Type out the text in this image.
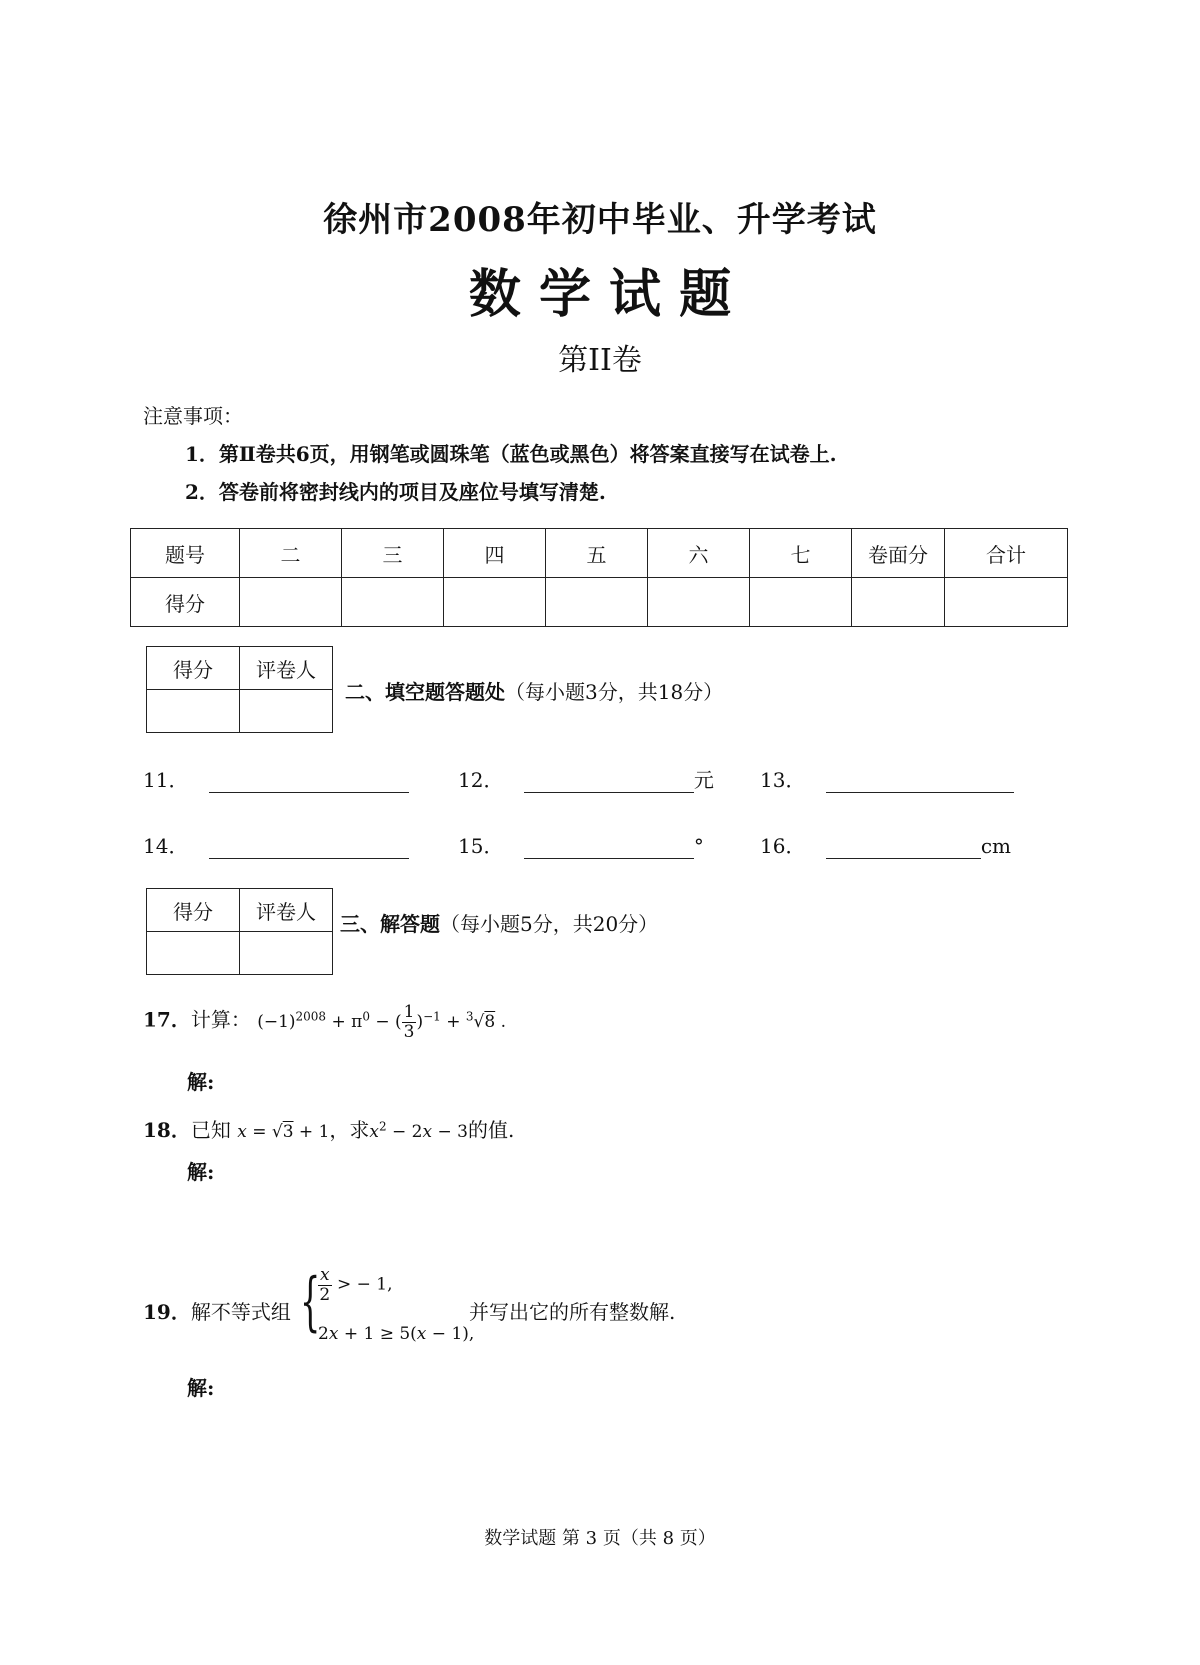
徐州市2008年初中毕业、升学考试
数 学 试 题
第II卷
注意事项：
1．第Ⅱ卷共6页，用钢笔或圆珠笔（蓝色或黑色）将答案直接写在试卷上.
2．答卷前将密封线内的项目及座位号填写清楚.
题号	二	三	四	五	六	七	卷面分	合计
得分								
得分	评卷人

二、填空题答题处（每小题3分，共18分）
11．	12．	元 13．
14．	15．	°	16．	cm
得分	评卷人

三、解答题（每小题5分，共20分）
17．计算： $(-1)^{2008} + \pi^0$ − ( $\frac{1}{3} )^{-1} + ^3√8$ .
解:
18．已知 x = √3 + 1，求$x^2 - 2x - 3$的值.
解:
19．解不等式组 {
$\frac{x}{2}$ > − 1,
2x + 1 ≥ 5(x − 1),
并写出它的所有整数解.
解:
数学试题 第 3 页（共 8 页）
